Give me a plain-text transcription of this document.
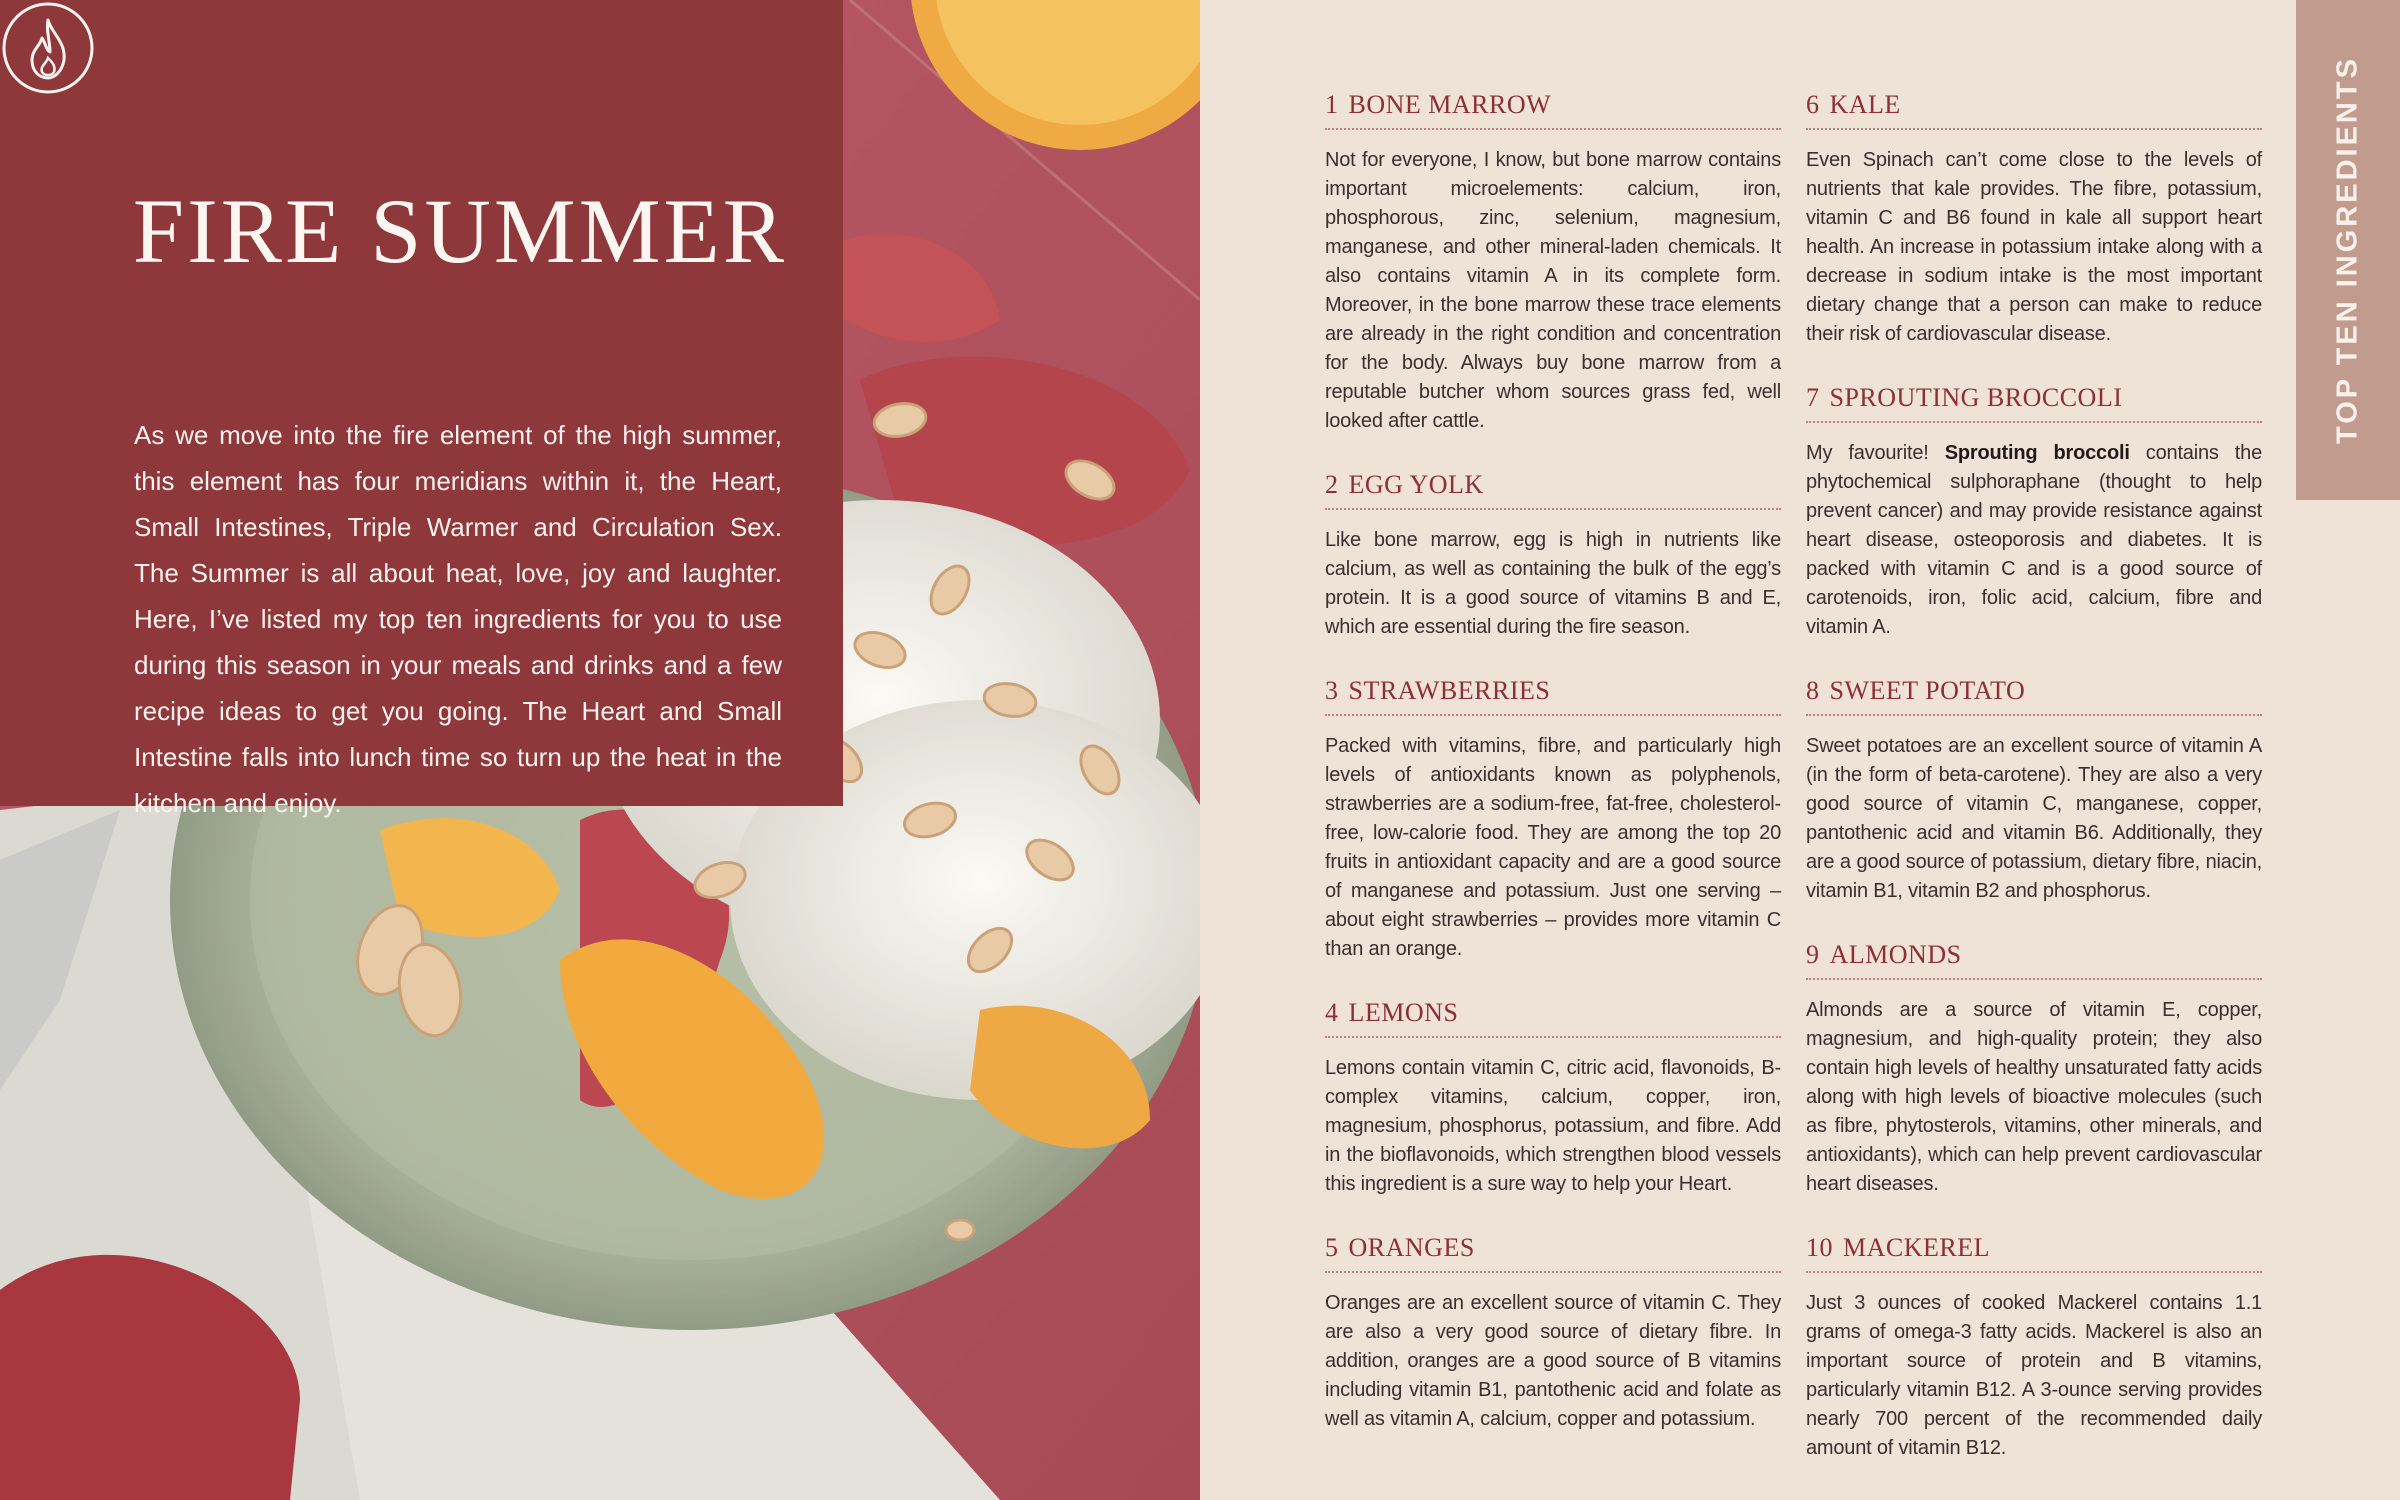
FIRE SUMMER

As we move into the fire element of the high summer, this element has four meridians within it, the Heart, Small Intestines, Triple Warmer and Circulation Sex. The Summer is all about heat, love, joy and laughter. Here, I’ve listed my top ten ingredients for you to use during this season in your meals and drinks and a few recipe ideas to get you going. The Heart and Small Intestine falls into lunch time so turn up the heat in the kitchen and enjoy.

1 BONE MARROW

Not for everyone, I know, but bone marrow contains important microelements: calcium, iron, phosphorous, zinc, selenium, magnesium, manganese, and other mineral-laden chemicals. It also contains vitamin A in its complete form. Moreover, in the bone marrow these trace elements are already in the right condition and concentration for the body. Always buy bone marrow from a reputable butcher whom sources grass fed, well looked after cattle.

2 EGG YOLK

Like bone marrow, egg is high in nutrients like calcium, as well as containing the bulk of the egg’s protein. It is a good source of vitamins B and E, which are essential during the fire season.

3 STRAWBERRIES

Packed with vitamins, fibre, and particularly high levels of antioxidants known as polyphenols, strawberries are a sodium-free, fat-free, cholesterol-free, low-calorie food. They are among the top 20 fruits in antioxidant capacity and are a good source of manganese and potassium. Just one serving – about eight strawberries – provides more vitamin C than an orange.

4 LEMONS

Lemons contain vitamin C, citric acid, flavonoids, B-complex vitamins, calcium, copper, iron, magnesium, phosphorus, potassium, and fibre. Add in the bioflavonoids, which strengthen blood vessels this ingredient is a sure way to help your Heart.

5 ORANGES

Oranges are an excellent source of vitamin C. They are also a very good source of dietary fibre. In addition, oranges are a good source of B vitamins including vitamin B1, pantothenic acid and folate as well as vitamin A, calcium, copper and potassium.

6 KALE

Even Spinach can’t come close to the levels of nutrients that kale provides. The fibre, potassium, vitamin C and B6 found in kale all support heart health. An increase in potassium intake along with a decrease in sodium intake is the most important dietary change that a person can make to reduce their risk of cardiovascular disease.

7 SPROUTING BROCCOLI

My favourite! Sprouting broccoli contains the phytochemical sulphoraphane (thought to help prevent cancer) and may provide resistance against heart disease, osteoporosis and diabetes. It is packed with vitamin C and is a good source of carotenoids, iron, folic acid, calcium, fibre and vitamin A.

8 SWEET POTATO

Sweet potatoes are an excellent source of vitamin A (in the form of beta-carotene). They are also a very good source of vitamin C, manganese, copper, pantothenic acid and vitamin B6. Additionally, they are a good source of potassium, dietary fibre, niacin, vitamin B1, vitamin B2 and phosphorus.

9 ALMONDS

Almonds are a source of vitamin E, copper, magnesium, and high-quality protein; they also contain high levels of healthy unsaturated fatty acids along with high levels of bioactive molecules (such as fibre, phytosterols, vitamins, other minerals, and antioxidants), which can help prevent cardiovascular heart diseases.

10 MACKEREL

Just 3 ounces of cooked Mackerel contains 1.1 grams of omega-3 fatty acids. Mackerel is also an important source of protein and B vitamins, particularly vitamin B12. A 3-ounce serving provides nearly 700 percent of the recommended daily amount of vitamin B12.

TOP TEN INGREDIENTS
